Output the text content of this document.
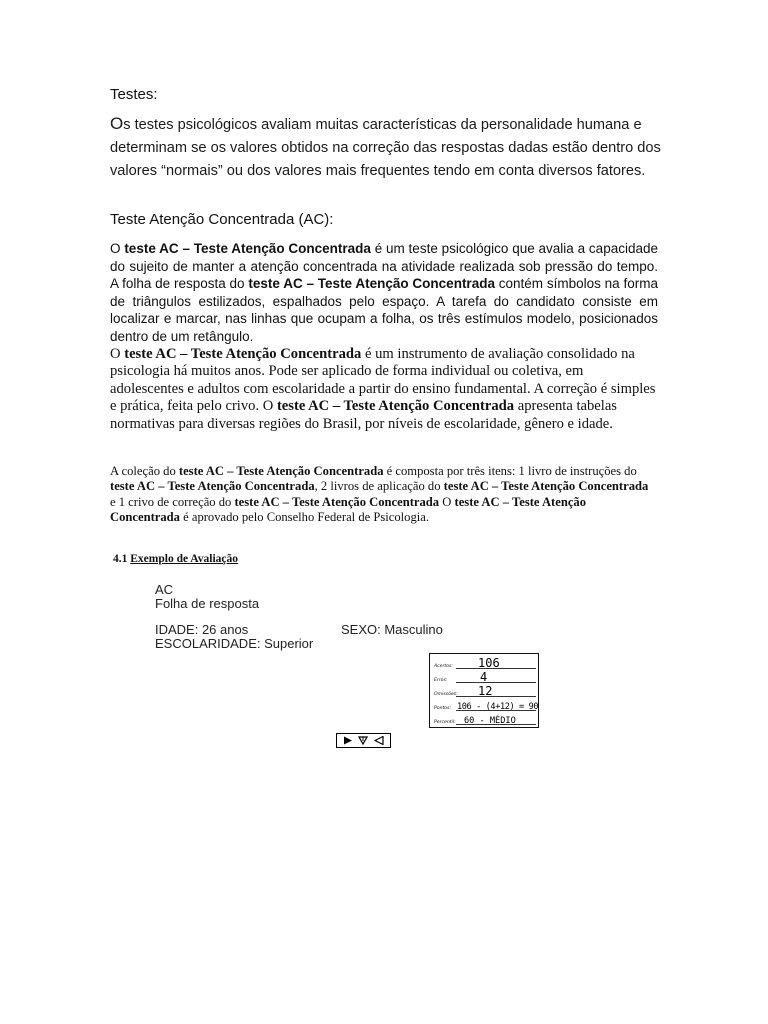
Testes:
Os testes psicológicos avaliam muitas características da personalidade humana e determinam se os valores obtidos na correção das respostas dadas estão dentro dos valores “normais” ou dos valores mais frequentes tendo em conta diversos fatores.
Teste Atenção Concentrada (AC):
O teste AC – Teste Atenção Concentrada é um teste psicológico que avalia a capacidade do sujeito de manter a atenção concentrada na atividade realizada sob pressão do tempo. A folha de resposta do teste AC – Teste Atenção Concentrada contém símbolos na forma de triângulos estilizados, espalhados pelo espaço. A tarefa do candidato consiste em localizar e marcar, nas linhas que ocupam a folha, os três estímulos modelo, posicionados dentro de um retângulo.
O teste AC – Teste Atenção Concentrada é um instrumento de avaliação consolidado na psicologia há muitos anos. Pode ser aplicado de forma individual ou coletiva, em adolescentes e adultos com escolaridade a partir do ensino fundamental. A correção é simples e prática, feita pelo crivo. O teste AC – Teste Atenção Concentrada apresenta tabelas normativas para diversas regiões do Brasil, por níveis de escolaridade, gênero e idade.
A coleção do teste AC – Teste Atenção Concentrada é composta por três itens: 1 livro de instruções do teste AC – Teste Atenção Concentrada, 2 livros de aplicação do teste AC – Teste Atenção Concentrada e 1 crivo de correção do teste AC – Teste Atenção Concentrada O teste AC – Teste Atenção Concentrada é aprovado pelo Conselho Federal de Psicologia.
4.1 Exemplo de Avaliação
AC
Folha de resposta
IDADE: 26 anos	SEXO: Masculino
ESCOLARIDADE: Superior
Acertos: 106
Erros:	4
Omissões: 12
Pontos: 106 - (4+12) = 90
Percentil: 60 - MÉDIO
